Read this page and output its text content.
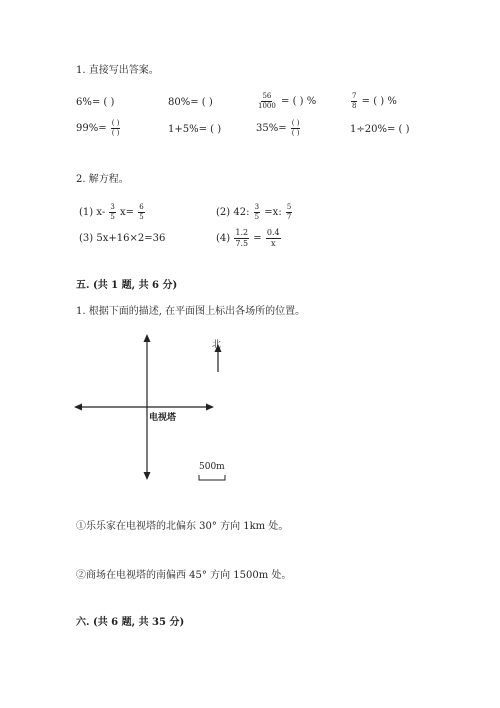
1. 直接写出答案。
6%= ( )	80%= ( )	$\frac{56}{1000}$ = ( ) %	$\frac{7}{8}$ = ( ) %
$99\%= \frac{( )}{( )}$	1+5%= ( )	$35\%= \frac{( )}{( )}$	1÷20%= ( )
2. 解方程。
(1) $x- \frac{3}{5} x= \frac{6}{5}$	(2) 42: $\frac{3}{5} =x$: $\frac{5}{7}$
(3) 5x+16×2=36	$(4) \frac{1.2}{7.5} = \frac{0.4}{x}$
五. (共 1 题, 共 6 分)
1. 根据下面的描述, 在平面图上标出各场所的位置。
北
电视塔
500m
①乐乐家在电视塔的北偏东 30° 方向 1km 处。
②商场在电视塔的南偏西 45° 方向 1500m 处。
六. (共 6 题, 共 35 分)
